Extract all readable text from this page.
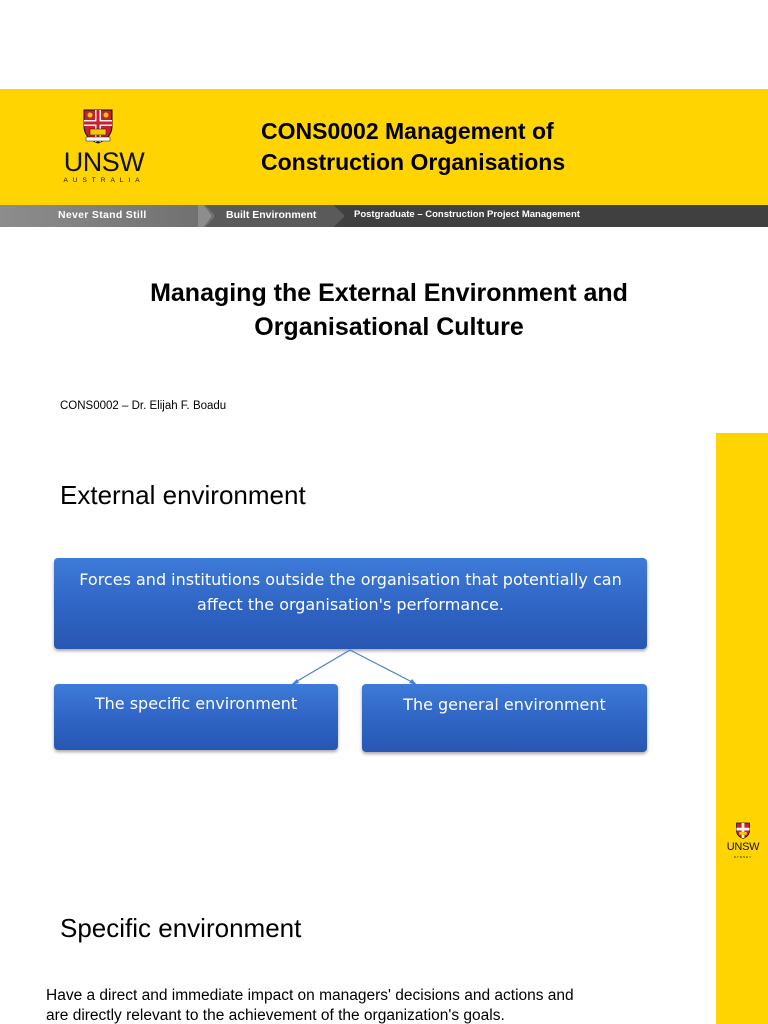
UNSW
AUSTRALIA
CONS0002 Management of
Construction Organisations
Never Stand Still	Built Environment	Postgraduate – Construction Project Management
Managing the External Environment and
Organisational Culture
CONS0002 – Dr. Elijah F. Boadu
UNSW
SYDNEY
External environment
Forces and institutions outside the organisation that potentially can
affect the organisation's performance.
The specific environment	The general environment
Specific environment
Have a direct and immediate impact on managers' decisions and actions and
are directly relevant to the achievement of the organization's goals.
